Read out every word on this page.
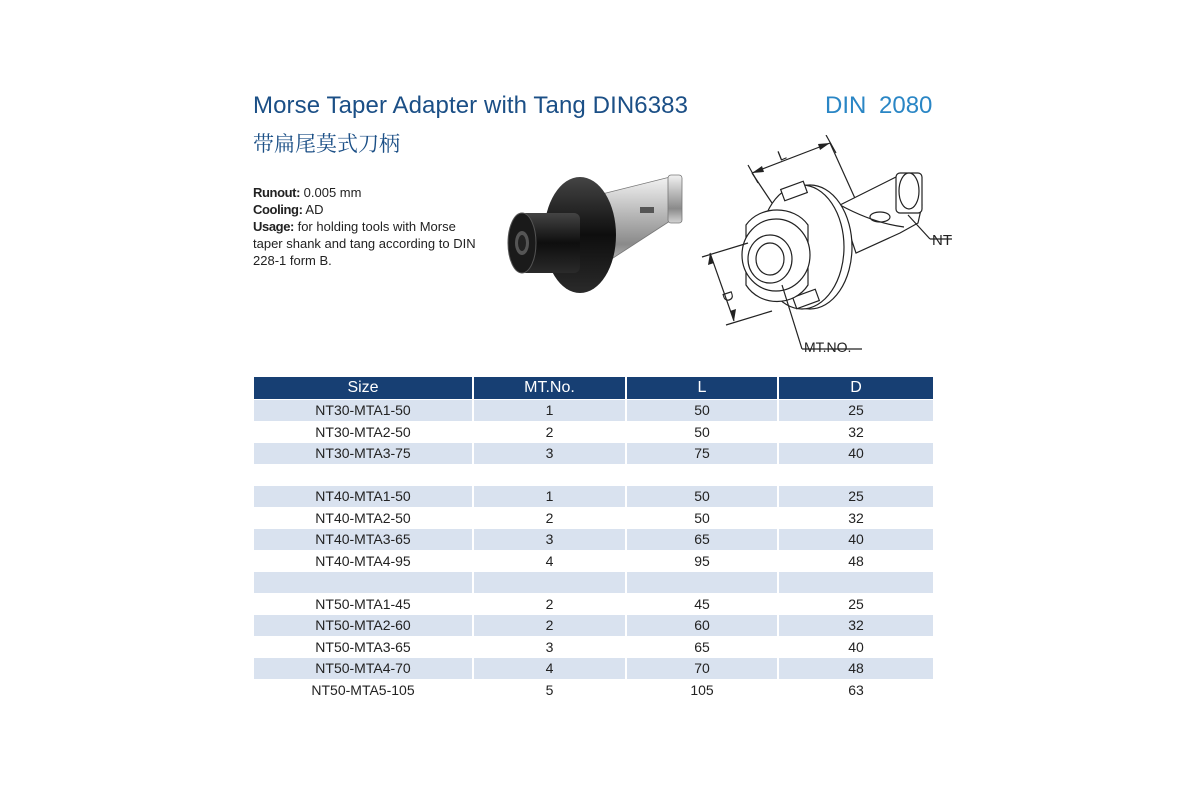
Morse Taper Adapter with Tang DIN6383	DIN 2080
带扁尾莫式刀柄
Runout: 0.005 mm
Cooling: AD
Usage: for holding tools with Morse taper shank and tang according to DIN 228-1 form B.
L
D
NT
MT.NO.
Size	MT.No.	L	D
NT30-MTA1-50	1	50	25
NT30-MTA2-50	2	50	32
NT30-MTA3-75	3	75	40

NT40-MTA1-50	1	50	25
NT40-MTA2-50	2	50	32
NT40-MTA3-65	3	65	40
NT40-MTA4-95	4	95	48

NT50-MTA1-45	2	45	25
NT50-MTA2-60	2	60	32
NT50-MTA3-65	3	65	40
NT50-MTA4-70	4	70	48
NT50-MTA5-105	5	105	63
